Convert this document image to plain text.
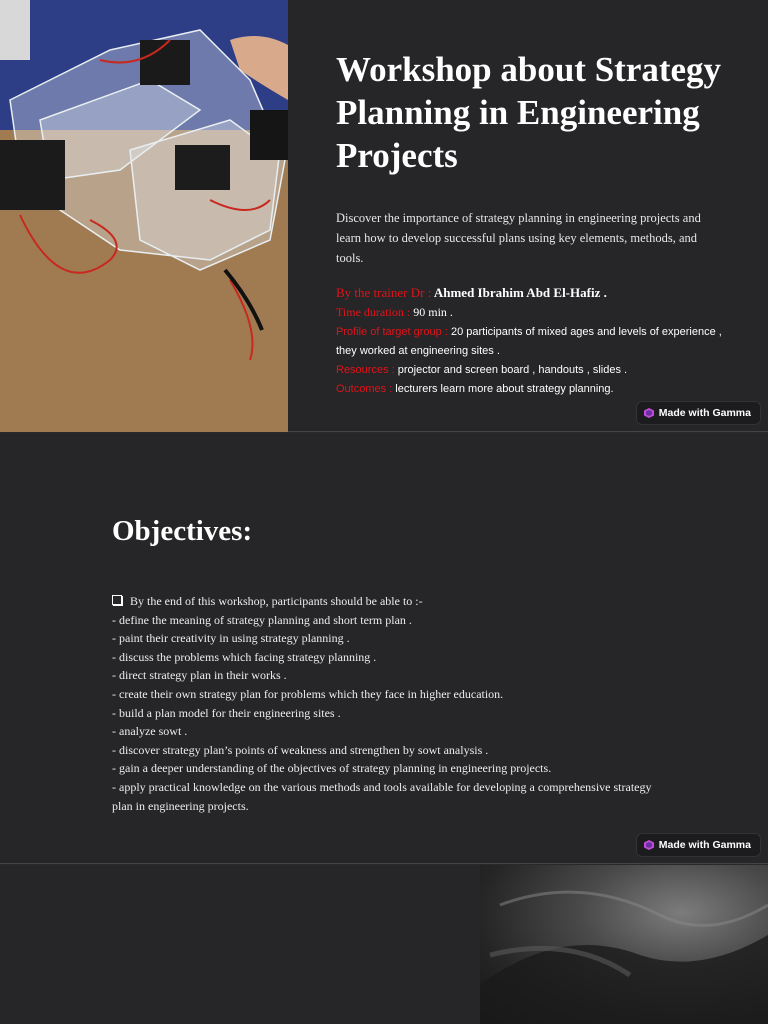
Workshop about Strategy Planning in Engineering Projects
Discover the importance of strategy planning in engineering projects and learn how to develop successful plans using key elements, methods, and tools.
By the trainer Dr : Ahmed Ibrahim Abd El-Hafiz .
Time duration : 90 min .
Profile of target group : 20 participants of mixed ages and levels of experience , they worked at engineering sites .
Resources : projector and screen board , handouts , slides .
Outcomes : lecturers learn more about strategy planning.
Made with Gamma
Objectives:
By the end of this workshop, participants should be able to :-
- define the meaning of strategy planning and short term plan .
- paint their creativity in using strategy planning .
- discuss the problems which facing strategy planning .
- direct strategy plan in their works .
- create their own strategy plan for problems which they face in higher education.
- build a plan model for their engineering sites .
- analyze sowt .
- discover strategy plan’s points of weakness and strengthen by sowt analysis .
- gain a deeper understanding of the objectives of strategy planning in engineering projects.
- apply practical knowledge on the various methods and tools available for developing a comprehensive strategy plan in engineering projects.
Made with Gamma
